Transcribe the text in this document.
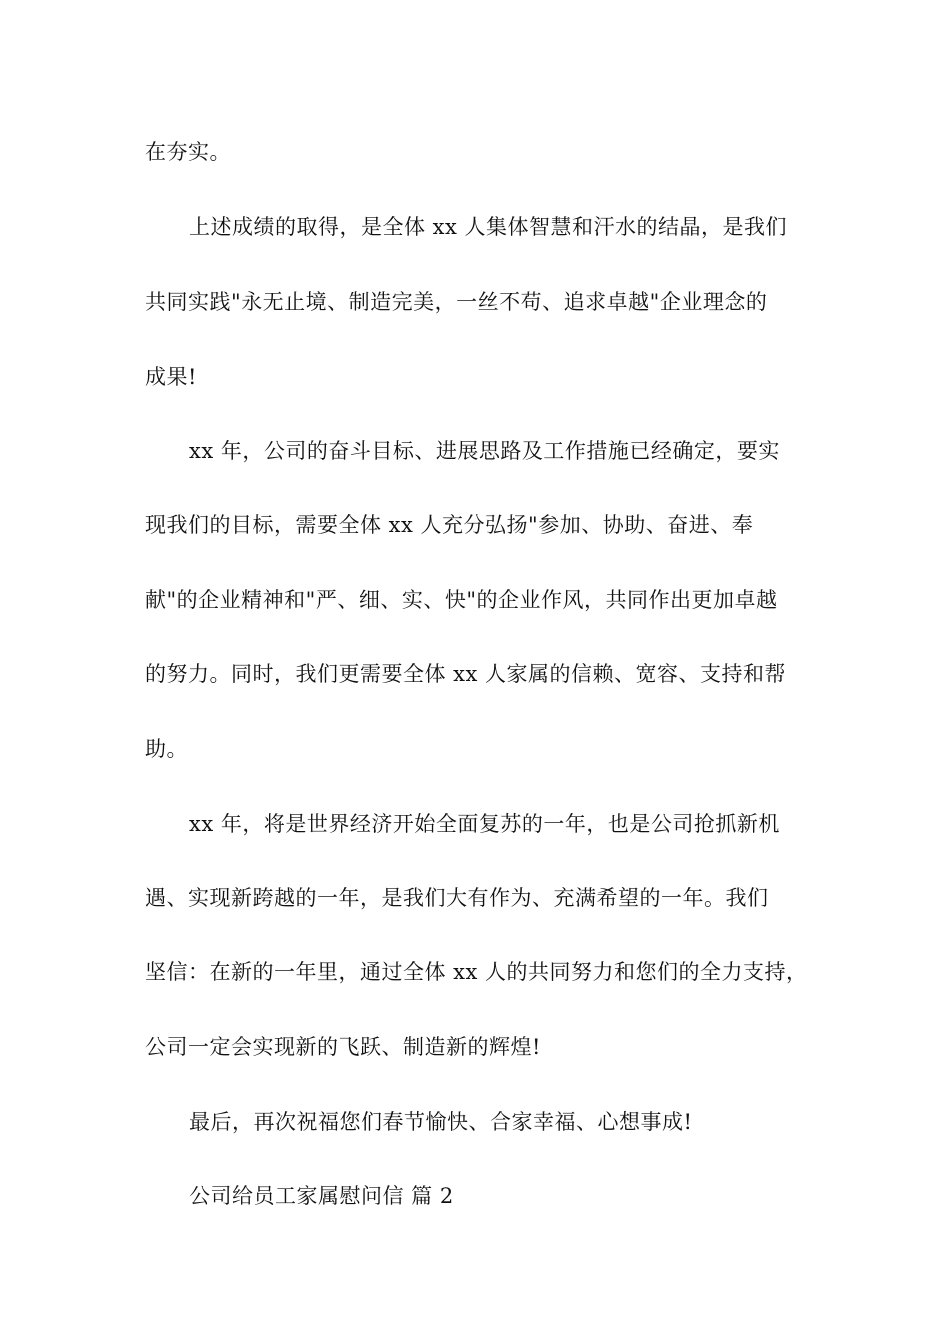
在夯实。
上述成绩的取得，是全体 xx 人集体智慧和汗水的结晶，是我们
共同实践"永无止境、制造完美，一丝不苟、追求卓越"企业理念的
成果!
xx 年，公司的奋斗目标、进展思路及工作措施已经确定，要实
现我们的目标，需要全体 xx 人充分弘扬"参加、协助、奋进、奉
献"的企业精神和"严、细、实、快"的企业作风，共同作出更加卓越
的努力。同时，我们更需要全体 xx 人家属的信赖、宽容、支持和帮
助。
xx 年，将是世界经济开始全面复苏的一年，也是公司抢抓新机
遇、实现新跨越的一年，是我们大有作为、充满希望的一年。我们
坚信：在新的一年里，通过全体 xx 人的共同努力和您们的全力支持，
公司一定会实现新的飞跃、制造新的辉煌!
最后，再次祝福您们春节愉快、合家幸福、心想事成!
公司给员工家属慰问信 篇 2
